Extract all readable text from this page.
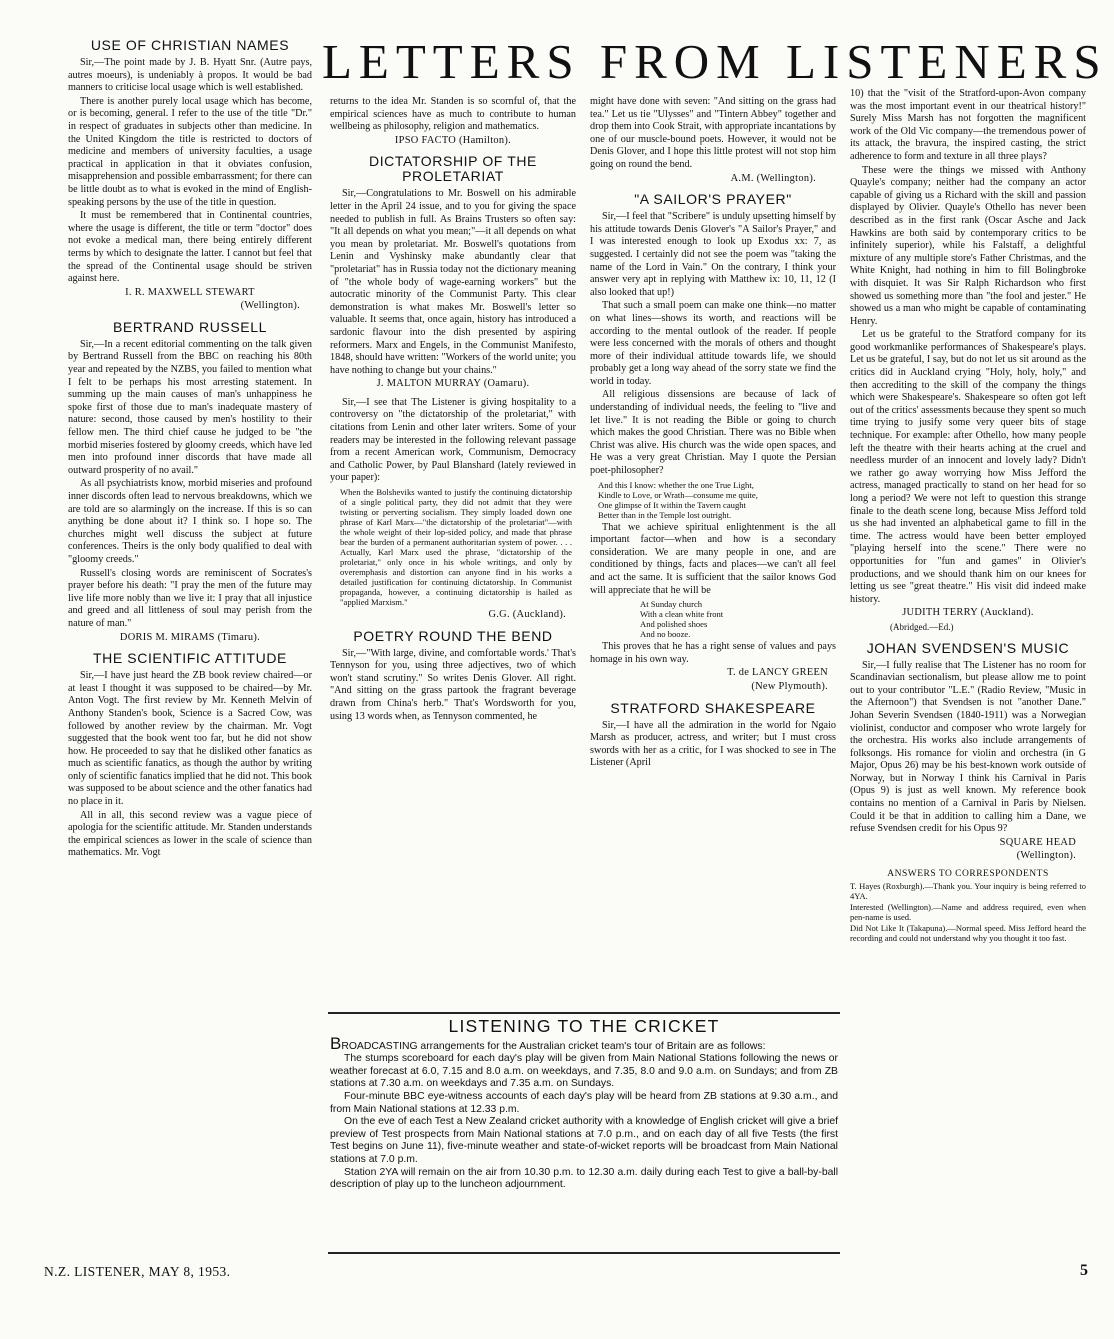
LETTERS FROM LISTENERS
USE OF CHRISTIAN NAMES

Sir,—The point made by J. B. Hyatt Snr. (Autre pays, autres moeurs), is undeniably à propos. It would be bad manners to criticise local usage which is well established.

There is another purely local usage which has become, or is becoming, general. I refer to the use of the title "Dr." in respect of graduates in subjects other than medicine. In the United Kingdom the title is restricted to doctors of medicine and members of university faculties, a usage practical in application in that it obviates confusion, misapprehension and possible embarrassment; for there can be little doubt as to what is evoked in the mind of English-speaking persons by the use of the title in question.

It must be remembered that in Continental countries, where the usage is different, the title or term "doctor" does not evoke a medical man, there being entirely different terms by which to designate the latter. I cannot but feel that the spread of the Continental usage should be striven against here.

I. R. MAXWELL STEWART

(Wellington).

BERTRAND RUSSELL

Sir,—In a recent editorial commenting on the talk given by Bertrand Russell from the BBC on reaching his 80th year and repeated by the NZBS, you failed to mention what I felt to be perhaps his most arresting statement. In summing up the main causes of man's unhappiness he spoke first of those due to man's inadequate mastery of nature: second, those caused by men's hostility to their fellow men. The third chief cause he judged to be "the morbid miseries fostered by gloomy creeds, which have led men into profound inner discords that have made all outward prosperity of no avail."

As all psychiatrists know, morbid miseries and profound inner discords often lead to nervous breakdowns, which we are told are so alarmingly on the increase. If this is so can anything be done about it? I think so. I hope so. The churches might well discuss the subject at future conferences. Theirs is the only body qualified to deal with "gloomy creeds."

Russell's closing words are reminiscent of Socrates's prayer before his death: "I pray the men of the future may live life more nobly than we live it: I pray that all injustice and greed and all littleness of soul may perish from the nature of man."

DORIS M. MIRAMS (Timaru).

THE SCIENTIFIC ATTITUDE

Sir,—I have just heard the ZB book review chaired—or at least I thought it was supposed to be chaired—by Mr. Anton Vogt. The first review by Mr. Kenneth Melvin of Anthony Standen's book, Science is a Sacred Cow, was followed by another review by the chairman. Mr. Vogt suggested that the book went too far, but he did not show how. He proceeded to say that he disliked other fanatics as much as scientific fanatics, as though the author by writing only of scientific fanatics implied that he did not. This book was supposed to be about science and the other fanatics had no place in it.

All in all, this second review was a vague piece of apologia for the scientific attitude. Mr. Standen understands the empirical sciences as lower in the scale of science than mathematics. Mr. Vogt

returns to the idea Mr. Standen is so scornful of, that the empirical sciences have as much to contribute to human wellbeing as philosophy, religion and mathematics.

IPSO FACTO (Hamilton).

DICTATORSHIP OF THE PROLETARIAT

Sir,—Congratulations to Mr. Boswell on his admirable letter in the April 24 issue, and to you for giving the space needed to publish in full. As Brains Trusters so often say: "It all depends on what you mean;"—it all depends on what you mean by proletariat. Mr. Boswell's quotations from Lenin and Vyshinsky make abundantly clear that "proletariat" has in Russia today not the dictionary meaning of "the whole body of wage-earning workers" but the autocratic minority of the Communist Party. This clear demonstration is what makes Mr. Boswell's letter so valuable. It seems that, once again, history has introduced a sardonic flavour into the dish presented by aspiring reformers. Marx and Engels, in the Communist Manifesto, 1848, should have written: "Workers of the world unite; you have nothing to change but your chains."

J. MALTON MURRAY (Oamaru).

Sir,—I see that The Listener is giving hospitality to a controversy on "the dictatorship of the proletariat," with citations from Lenin and other later writers. Some of your readers may be interested in the following relevant passage from a recent American work, Communism, Democracy and Catholic Power, by Paul Blanshard (lately reviewed in your paper):

When the Bolsheviks wanted to justify the continuing dictatorship of a single political party, they did not admit that they were twisting or perverting socialism. They simply loaded down one phrase of Karl Marx—"the dictatorship of the proletariat"—with the whole weight of their lop-sided policy, and made that phrase bear the burden of a permanent authoritarian system of power. . . . Actually, Karl Marx used the phrase, "dictatorship of the proletariat," only once in his whole writings, and only by overemphasis and distortion can anyone find in his works a detailed justification for continuing dictatorship. In Communist propaganda, however, a continuing dictatorship is hailed as "applied Marxism."

G.G. (Auckland).

POETRY ROUND THE BEND

Sir,—"With large, divine, and comfortable words.' That's Tennyson for you, using three adjectives, two of which won't stand scrutiny." So writes Denis Glover. All right. "And sitting on the grass partook the fragrant beverage drawn from China's herb." That's Wordsworth for you, using 13 words when, as Tennyson commented, he

might have done with seven: "And sitting on the grass had tea." Let us tie "Ulysses" and "Tintern Abbey" together and drop them into Cook Strait, with appropriate incantations by one of our muscle-bound poets. However, it would not be Denis Glover, and I hope this little protest will not stop him going on round the bend.

A.M. (Wellington).

"A SAILOR'S PRAYER"

Sir,—I feel that "Scribere" is unduly upsetting himself by his attitude towards Denis Glover's "A Sailor's Prayer," and I was interested enough to look up Exodus xx: 7, as suggested. I certainly did not see the poem was "taking the name of the Lord in Vain." On the contrary, I think your answer very apt in replying with Matthew ix: 10, 11, 12 (I also looked that up!)

That such a small poem can make one think—no matter on what lines—shows its worth, and reactions will be according to the mental outlook of the reader. If people were less concerned with the morals of others and thought more of their individual attitude towards life, we should probably get a long way ahead of the sorry state we find the world in today.

All religious dissensions are because of lack of understanding of individual needs, the feeling to "live and let live." It is not reading the Bible or going to church which makes the good Christian. There was no Bible when Christ was alive. His church was the wide open spaces, and He was a very great Christian. May I quote the Persian poet-philosopher?

And this I know: whether the one True Light,
Kindle to Love, or Wrath—consume me quite,
One glimpse of It within the Tavern caught
Better than in the Temple lost outright.

That we achieve spiritual enlightenment is the all important factor—when and how is a secondary consideration. We are many people in one, and are conditioned by things, facts and places—we can't all feel and act the same. It is sufficient that the sailor knows God will appreciate that he will be

At Sunday church
With a clean white front
And polished shoes
And no booze.

This proves that he has a right sense of values and pays homage in his own way.

T. de LANCY GREEN

(New Plymouth).

STRATFORD SHAKESPEARE

Sir,—I have all the admiration in the world for Ngaio Marsh as producer, actress, and writer; but I must cross swords with her as a critic, for I was shocked to see in The Listener (April

10) that the "visit of the Stratford-upon-Avon company was the most important event in our theatrical history!" Surely Miss Marsh has not forgotten the magnificent work of the Old Vic company—the tremendous power of its attack, the bravura, the inspired casting, the strict adherence to form and texture in all three plays?

These were the things we missed with Anthony Quayle's company; neither had the company an actor capable of giving us a Richard with the skill and passion displayed by Olivier. Quayle's Othello has never been described as in the first rank (Oscar Asche and Jack Hawkins are both said by contemporary critics to be infinitely superior), while his Falstaff, a delightful mixture of any multiple store's Father Christmas, and the White Knight, had nothing in him to fill Bolingbroke with disquiet. It was Sir Ralph Richardson who first showed us something more than "the fool and jester." He showed us a man who might be capable of contaminating Henry.

Let us be grateful to the Stratford company for its good workmanlike performances of Shakespeare's plays. Let us be grateful, I say, but do not let us sit around as the critics did in Auckland crying "Holy, holy, holy," and then accrediting to the skill of the company the things which were Shakespeare's. Shakespeare so often got left out of the critics' assessments because they spent so much time trying to jusify some very queer bits of stage technique. For example: after Othello, how many people left the theatre with their hearts aching at the cruel and needless murder of an innocent and lovely lady? Didn't we rather go away worrying how Miss Jefford the actress, managed practically to stand on her head for so long a period? We were not left to question this strange finale to the death scene long, because Miss Jefford told us she had invented an alphabetical game to fill in the time. The actress would have been better employed "playing herself into the scene." There were no opportunities for "fun and games" in Olivier's productions, and we should thank him on our knees for letting us see "great theatre." His visit did indeed make history.

JUDITH TERRY (Auckland).

(Abridged.—Ed.)

JOHAN SVENDSEN'S MUSIC

Sir,—I fully realise that The Listener has no room for Scandinavian sectionalism, but please allow me to point out to your contributor "L.E." (Radio Review, "Music in the Afternoon") that Svendsen is not "another Dane." Johan Severin Svendsen (1840-1911) was a Norwegian violinist, conductor and composer who wrote largely for the orchestra. His works also include arrangements of folksongs. His romance for violin and orchestra (in G Major, Opus 26) may be his best-known work outside of Norway, but in Norway I think his Carnival in Paris (Opus 9) is just as well known. My reference book contains no mention of a Carnival in Paris by Nielsen. Could it be that in addition to calling him a Dane, we refuse Svendsen credit for his Opus 9?

SQUARE HEAD

(Wellington).

ANSWERS TO CORRESPONDENTS

T. Hayes (Roxburgh).—Thank you. Your inquiry is being referred to 4YA.

Interested (Wellington).—Name and address required, even when pen-name is used.

Did Not Like It (Takapuna).—Normal speed. Miss Jefford heard the recording and could not understand why you thought it too fast.

LISTENING TO THE CRICKET

BROADCASTING arrangements for the Australian cricket team's tour of Britain are as follows:

The stumps scoreboard for each day's play will be given from Main National Stations following the news or weather forecast at 6.0, 7.15 and 8.0 a.m. on weekdays, and 7.35, 8.0 and 9.0 a.m. on Sundays; and from ZB stations at 7.30 a.m. on weekdays and 7.35 a.m. on Sundays.

Four-minute BBC eye-witness accounts of each day's play will be heard from ZB stations at 9.30 a.m., and from Main National stations at 12.33 p.m.

On the eve of each Test a New Zealand cricket authority with a knowledge of English cricket will give a brief preview of Test prospects from Main National stations at 7.0 p.m., and on each day of all five Tests (the first Test begins on June 11), five-minute weather and state-of-wicket reports will be broadcast from Main National stations at 7.0 p.m.

Station 2YA will remain on the air from 10.30 p.m. to 12.30 a.m. daily during each Test to give a ball-by-ball description of play up to the luncheon adjournment.

N.Z. LISTENER, MAY 8, 1953.	5
